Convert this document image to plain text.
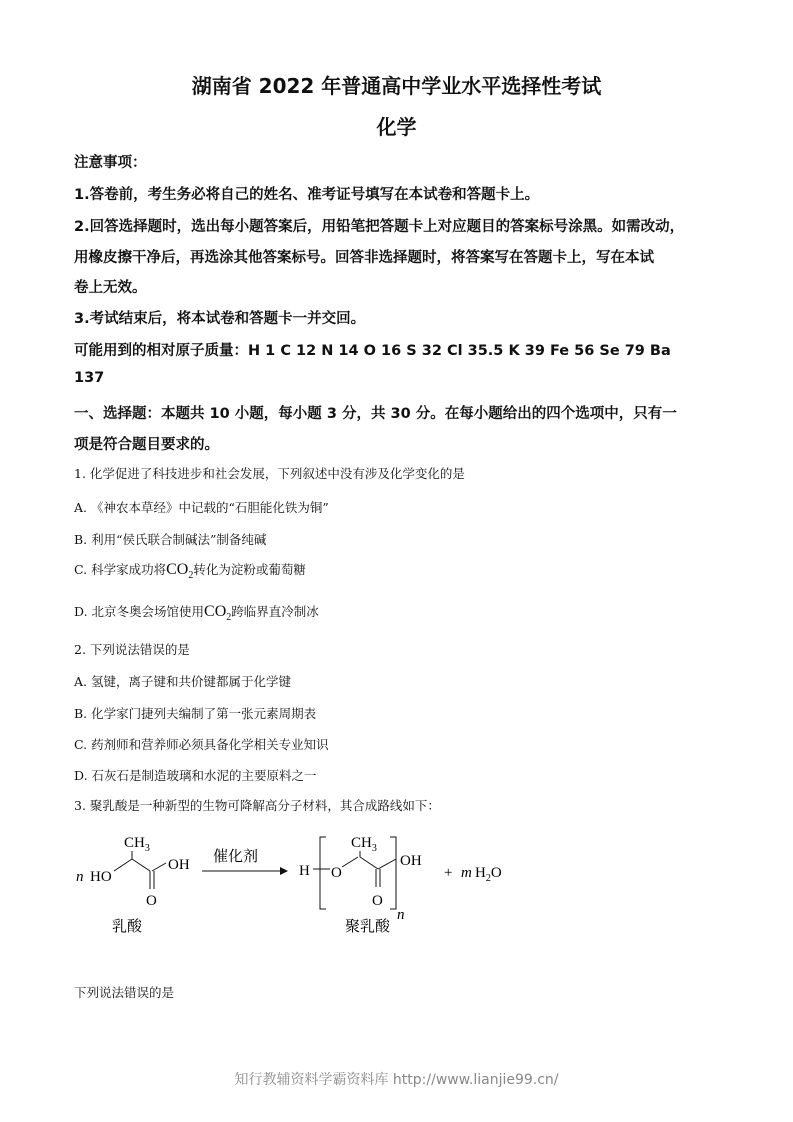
湖南省 2022 年普通高中学业水平选择性考试
化学
注意事项：
1.答卷前，考生务必将自己的姓名、准考证号填写在本试卷和答题卡上。
2.回答选择题时，选出每小题答案后，用铅笔把答题卡上对应题目的答案标号涂黑。如需改动，
用橡皮擦干净后，再选涂其他答案标号。回答非选择题时，将答案写在答题卡上，写在本试
卷上无效。
3.考试结束后，将本试卷和答题卡一并交回。
可能用到的相对原子质量：H 1 C 12 N 14 O 16 S 32 Cl 35.5 K 39 Fe 56 Se 79 Ba
137
一、选择题：本题共 10 小题，每小题 3 分，共 30 分。在每小题给出的四个选项中，只有一
项是符合题目要求的。
1. 化学促进了科技进步和社会发展，下列叙述中没有涉及化学变化的是
A. 《神农本草经》中记载的“石胆能化铁为铜”
B. 利用“侯氏联合制碱法”制备纯碱
C. 科学家成功将$CO_2$转化为淀粉或葡萄糖
D. 北京冬奥会场馆使用$CO_2$跨临界直冷制冰
2. 下列说法错误的是
A. 氢键，离子键和共价键都属于化学键
B. 化学家门捷列夫编制了第一张元素周期表
C. 药剂师和营养师必须具备化学相关专业知识
D. 石灰石是制造玻璃和水泥的主要原料之一
3. 聚乳酸是一种新型的生物可降解高分子材料，其合成路线如下：
n HO
$CH_3$
O
OH 催化剂
H O
$CH_3$
O
n
OH
+ m $H_2O$
乳酸	聚乳酸
下列说法错误的是
知行教辅资料学霸资料库 http://www.lianjie99.cn/
